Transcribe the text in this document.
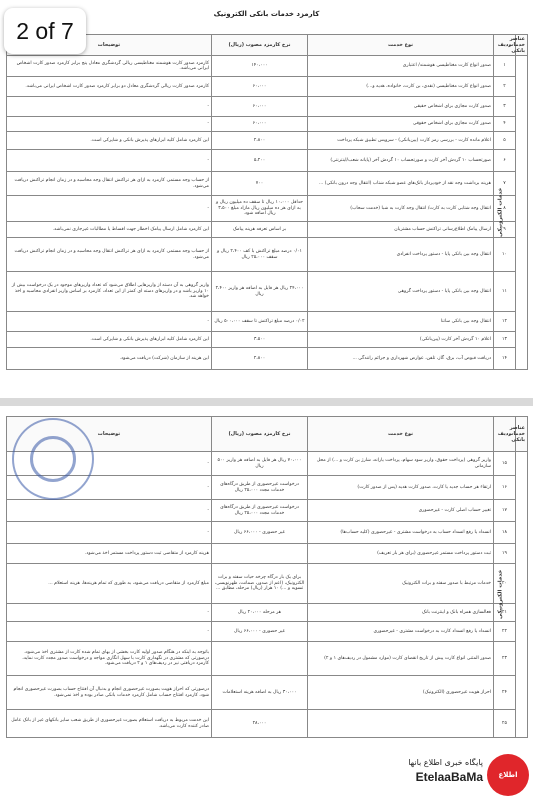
کارمزد خدمات بانکی الکترونیک
عناصر خدمات بانکی	ردیف	نوع خدمت	نرخ کارمزد مصوب (ریال)	توضیحات
خدمات الکترونیکی	۱	صدور انواع کارت مغناطیسی هوشمند/ اعتباری	۱۴۰،۰۰۰	کارمزد صدور کارت هوشمند مغناطیسی ریالی گردشگری معادل پنج برابر کارمزد صدور کارت اشخاص ایرانی می‌باشد.
	۲	صدور انواع کارت مغناطیسی (نقدی، بن کارت، خانواده، هدیه و...)	۶۰،۰۰۰	کارمزد صدور کارت ریالی گردشگری معادل دو برابر کارمزد صدور کارت اشخاص ایرانی می‌باشد.
	۳	صدور کارت مجازی برای اشخاص حقیقی	۶۰،۰۰۰	-
	۴	صدور کارت مجازی برای اشخاص حقوقی	۶۰،۰۰۰	-
	۵	اعلام مانده کارت - بررسی رمز کارت (پین‌بانکی) - سرویس تطبیق شبکه پرداخت	۲،۸۰۰	این کارمزد شامل کلیه ابزارهای پذیرش بانکی و شاپرکی است.
	۶	صورتحساب ۱۰ گردش آخر کارت و صورتحساب ۱۰ گردش آخر (پایانه شعب/اینترنتی)	۵،۲۰۰	-
	۷	هزینه برداشت وجه نقد از خودپرداز بانک‌های عضو شبکه شتاب (انتقال وجه درون بانکی) ...	۷۰۰	از حساب وجه مستمر، کارمزد به ازای هر تراکنش انتقال وجه محاسبه و در زمان انجام تراکنش دریافت می‌شود.
	۸	انتقال وجه شتابی کارت به کارت/ انتقال وجه کارت به شبا (خدمت سحاب)	حداقل ۱۰،۰۰۰ ریال تا سقف ده میلیون ریال و به ازای هر ده میلیون ریال مازاد مبلغ ۳،۵۰۰ ریال اضافه شود.	-
	۹	ارسال پیامک اطلاع‌رسانی تراکنش حساب مشتریان	بر اساس تعرفه هزینه پیامک	این کارمزد شامل ارسال پیامک اخطار جهت اقساط یا مطالبات غیرجاری نمی‌باشد.
	۱۰	انتقال وجه بین بانکی پایا - دستور پرداخت انفرادی	۰/۰۱ درصد مبلغ تراکنش با کف ۲،۴۰۰ ریال و سقف ۲۵،۰۰۰ ریال	از حساب وجه مستمر، کارمزد به ازای هر تراکنش انتقال وجه محاسبه و در زمان انجام تراکنش دریافت می‌شود.
	۱۱	انتقال وجه بین بانکی پایا - دستور پرداخت گروهی	۲۴،۰۰۰ ریال هر فایل به اضافه هر واریز ۲،۴۰۰ ریال	واریز گروهی به آن دسته از واریزهایی اطلاق می‌شود که تعداد واریزهای موجود در یک درخواست بیش از ۱۰ واریز باشد و در واریزهای دسته ای کمتر از این تعداد، کارمزد بر اساس واریز انفرادی محاسبه و اخذ خواهد شد.
	۱۲	انتقال وجه بین بانکی ساتنا	۰/۰۲ درصد مبلغ تراکنش تا سقف ۵۰۰،۰۰۰ ریال	-
	۱۳	اعلام ۱۰ گردش آخر کارت (پین‌بانکی)	۳،۵۰۰	این کارمزد شامل کلیه ابزارهای پذیرش بانکی و شاپرکی است.
	۱۴	دریافت قبوض آب، برق، گاز، تلفن، عوارض شهرداری و جرائم رانندگی ...	۲،۸۰۰	این هزینه از سازمان (شرکت) دریافت می‌شود.
2 of 7
عناصر خدمات بانکی	ردیف	نوع خدمت	نرخ کارمزد مصوب (ریال)	توضیحات
خدمات الکترونیکی	۱۵	واریز گروهی (پرداخت حقوق، واریز سود سهام، پرداخت یارانه، شارژ بن کارت و ...) از محل سازمانی	۷۰،۰۰۰ ریال هر فایل به اضافه هر واریز ۵۰۰ ریال	-
	۱۶	ارتقاء هر حساب جدید یا کارت، صدور کارت هدیه (پس از صدور کارت)	درخواست غیرحضوری از طریق درگاه‌های خدمات مجدد ۲۵،۰۰۰ ریال	-
	۱۷	تغییر حساب اصلی کارت - غیرحضوری	درخواست غیرحضوری از طریق درگاه‌های خدمات مجدد ۲۵،۰۰۰ ریال	-
	۱۸	انسداد یا رفع انسداد حساب به درخواست مشتری - غیرحضوری (کلیه حساب‌ها)	غیر حضوری - ۶۶،۰۰۰ ریال	-
	۱۹	ثبت دستور پرداخت مستمر غیرحضوری (برای هر بار تعریف)		هزینه کارمزد از متقاضی ثبت دستور پرداخت مستمر اخذ می‌شود.
	۲۰	خدمات مرتبط با صدور سفته و برات الکترونیک	برای یک بار درگاه چرخه حیات سفته و برات الکترونیک، (اعم از صدور، ضمانت، ظهرنویسی، تسویه و ...) ۱۰ هزار (ریال) مرحله، مطابق ...	مبلغ کارمزد از متقاضی دریافت می‌شود، به طوری که تمام هزینه‌ها، هزینه استعلام ...
	۲۱	فعالسازی همراه بانک و اینترنت بانک	هر مرحله ۲۰،۰۰۰ ریال	-
	۲۲	انسداد یا رفع انسداد کارت به درخواست مشتری - غیرحضوری	غیر حضوری - ۶۶،۰۰۰ ریال	-
	۲۳	صدور المثنی انواع کارت پیش از تاریخ انقضای کارت (موارد مشمول در ردیف‌های ۱ و ۲)		باتوجه به اینکه در هنگام صدور اولیه کارت بخشی از بهای تمام شده کارت از مشتری اخذ می‌شود، درصورتی که مشتری در نگهداری کارت با سهل انگاری مواجه و درخواست صدور مجدد کارت نماید، کارمزد دریافتی نیز در ردیف‌های ۱ و ۲ دریافت می‌شود.
	۲۴	احراز هویت غیرحضوری (الکترونیک)	۳۰،۰۰۰ ریال به اضافه هزینه استعلامات	درصورتی که احراز هویت بصورت غیرحضوری انجام و بدنبال آن افتتاح حساب بصورت غیرحضوری انجام شود، کارمزد افتتاح حساب شامل کارمزد خدمات بانکی صادر بوده و اخذ نمی‌شود.
	۲۵		۲۸،۰۰۰	این خدمت مربوط به دریافت استعلام بصورت غیرحضوری از طریق شعب سایر بانکهای غیر از بانک عامل صادر کننده کارت می‌باشد.
پایگاه خبری اطلاع بانها
EtelaaBaMa	اطلاع
